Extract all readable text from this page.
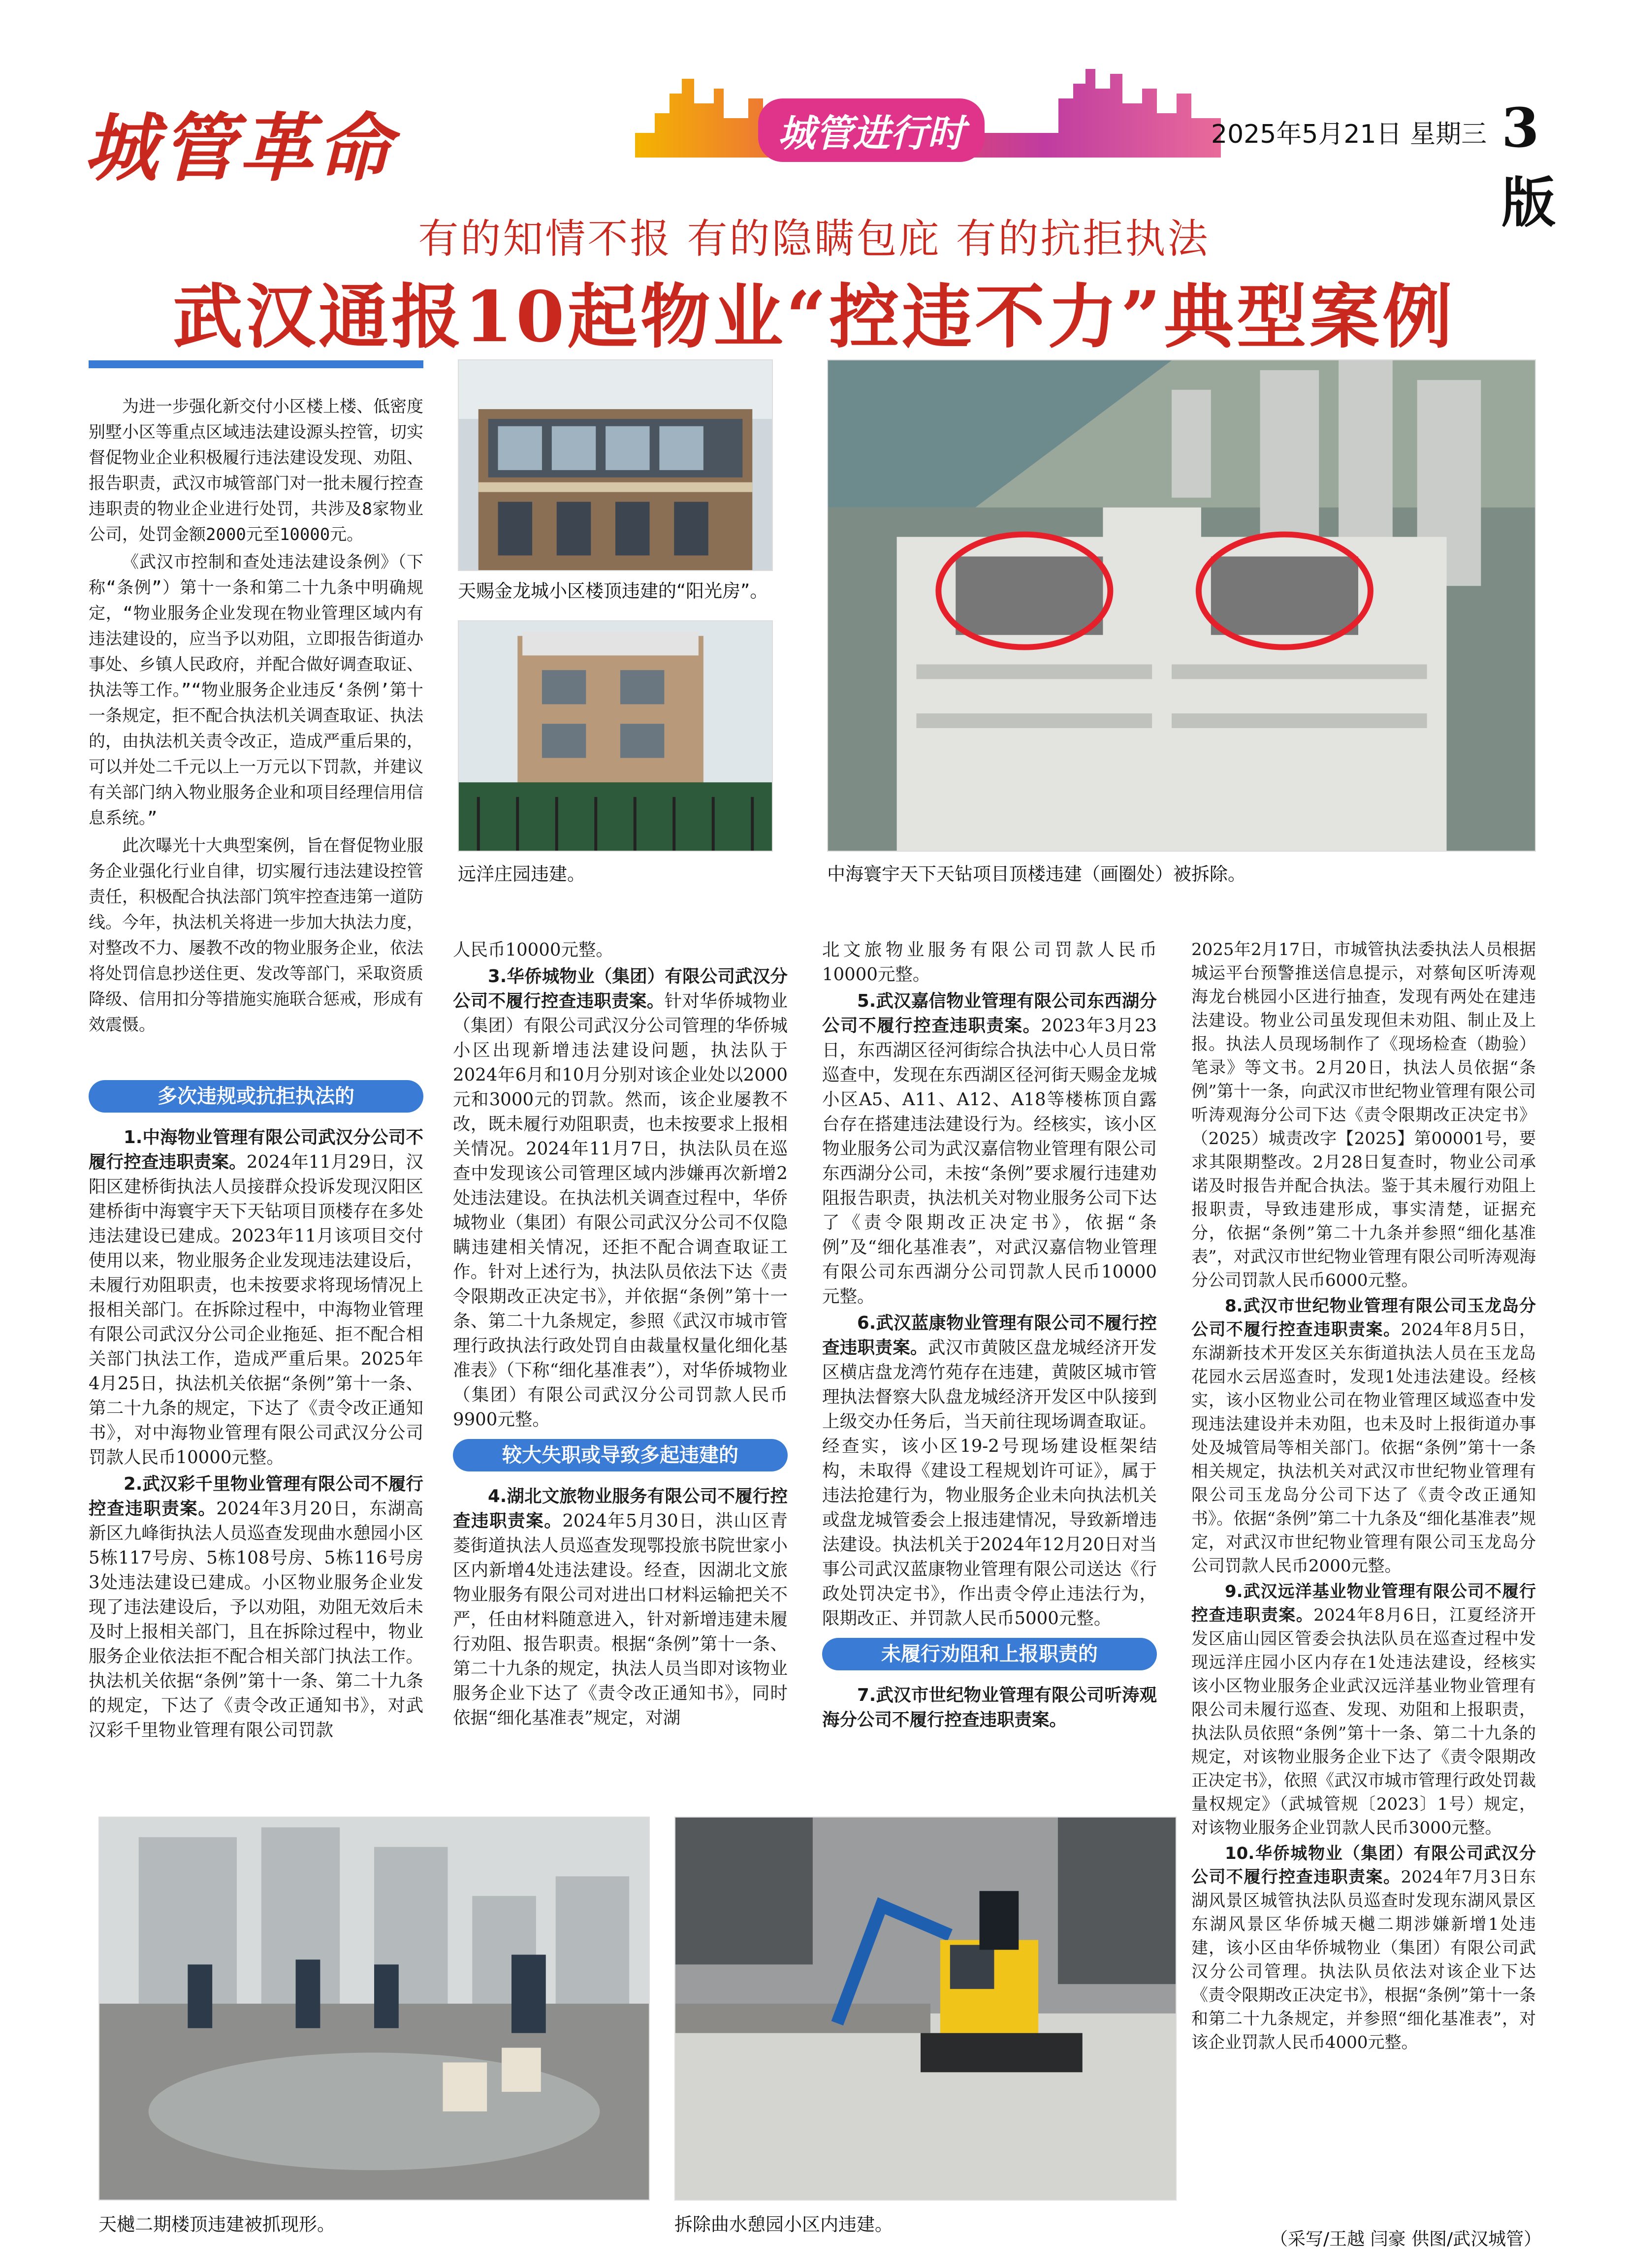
城管革命	城管进行时	2025年5月21日 星期三 3版
有的知情不报 有的隐瞒包庇 有的抗拒执法
武汉通报10起物业“控违不力”典型案例

为进一步强化新交付小区楼上楼、低密度别墅小区等重点区域违法建设源头控管，切实督促物业企业积极履行违法建设发现、劝阻、报告职责，武汉市城管部门对一批未履行控查违职责的物业企业进行处罚，共涉及8家物业公司，处罚金额2000元至10000元。

《武汉市控制和查处违法建设条例》（下称“条例”）第十一条和第二十九条中明确规定，“物业服务企业发现在物业管理区域内有违法建设的，应当予以劝阻，立即报告街道办事处、乡镇人民政府，并配合做好调查取证、执法等工作。”“物业服务企业违反‘条例’第十一条规定，拒不配合执法机关调查取证、执法的，由执法机关责令改正，造成严重后果的，可以并处二千元以上一万元以下罚款，并建议有关部门纳入物业服务企业和项目经理信用信息系统。”

此次曝光十大典型案例，旨在督促物业服务企业强化行业自律，切实履行违法建设控管责任，积极配合执法部门筑牢控查违第一道防线。今年，执法机关将进一步加大执法力度，对整改不力、屡教不改的物业服务企业，依法将处罚信息抄送住更、发改等部门，采取资质降级、信用扣分等措施实施联合惩戒，形成有效震慑。

多次违规或抗拒执法的

1.中海物业管理有限公司武汉分公司不履行控查违职责案。2024年11月29日，汉阳区建桥街执法人员接群众投诉发现汉阳区建桥街中海寰宇天下天钻项目顶楼存在多处违法建设已建成。2023年11月该项目交付使用以来，物业服务企业发现违法建设后，未履行劝阻职责，也未按要求将现场情况上报相关部门。在拆除过程中，中海物业管理有限公司武汉分公司企业拖延、拒不配合相关部门执法工作，造成严重后果。2025年4月25日，执法机关依据“条例”第十一条、第二十九条的规定，下达了《责令改正通知书》，对中海物业管理有限公司武汉分公司罚款人民币10000元整。

2.武汉彩千里物业管理有限公司不履行控查违职责案。2024年3月20日，东湖高新区九峰街执法人员巡查发现曲水憩园小区5栋117号房、5栋108号房、5栋116号房3处违法建设已建成。小区物业服务企业发现了违法建设后，予以劝阻，劝阻无效后未及时上报相关部门，且在拆除过程中，物业服务企业依法拒不配合相关部门执法工作。执法机关依据“条例”第十一条、第二十九条的规定，下达了《责令改正通知书》，对武汉彩千里物业管理有限公司罚款

人民币10000元整。

3.华侨城物业（集团）有限公司武汉分公司不履行控查违职责案。针对华侨城物业（集团）有限公司武汉分公司管理的华侨城小区出现新增违法建设问题，执法队于2024年6月和10月分别对该企业处以2000元和3000元的罚款。然而，该企业屡教不改，既未履行劝阻职责，也未按要求上报相关情况。2024年11月7日，执法队员在巡查中发现该公司管理区域内涉嫌再次新增2处违法建设。在执法机关调查过程中，华侨城物业（集团）有限公司武汉分公司不仅隐瞒违建相关情况，还拒不配合调查取证工作。针对上述行为，执法队员依法下达《责令限期改正决定书》，并依据“条例”第十一条、第二十九条规定，参照《武汉市城市管理行政执法行政处罚自由裁量权量化细化基准表》（下称“细化基准表”），对华侨城物业（集团）有限公司武汉分公司罚款人民币9900元整。

较大失职或导致多起违建的

4.湖北文旅物业服务有限公司不履行控查违职责案。2024年5月30日，洪山区青菱街道执法人员巡查发现鄂投旅书院世家小区内新增4处违法建设。经查，因湖北文旅物业服务有限公司对进出口材料运输把关不严，任由材料随意进入，针对新增违建未履行劝阻、报告职责。根据“条例”第十一条、第二十九条的规定，执法人员当即对该物业服务企业下达了《责令改正通知书》，同时依据“细化基准表”规定，对湖

北文旅物业服务有限公司罚款人民币10000元整。

5.武汉嘉信物业管理有限公司东西湖分公司不履行控查违职责案。2023年3月23日，东西湖区径河街综合执法中心人员日常巡查中，发现在东西湖区径河街天赐金龙城小区A5、A11、A12、A18等楼栋顶自露台存在搭建违法建设行为。经核实，该小区物业服务公司为武汉嘉信物业管理有限公司东西湖分公司，未按“条例”要求履行违建劝阻报告职责，执法机关对物业服务公司下达了《责令限期改正决定书》，依据“条例”及“细化基准表”，对武汉嘉信物业管理有限公司东西湖分公司罚款人民币10000元整。

6.武汉蓝康物业管理有限公司不履行控查违职责案。武汉市黄陂区盘龙城经济开发区横店盘龙湾竹苑存在违建，黄陂区城市管理执法督察大队盘龙城经济开发区中队接到上级交办任务后，当天前往现场调查取证。经查实，该小区19-2号现场建设框架结构，未取得《建设工程规划许可证》，属于违法抢建行为，物业服务企业未向执法机关或盘龙城管委会上报违建情况，导致新增违法建设。执法机关于2024年12月20日对当事公司武汉蓝康物业管理有限公司送达《行政处罚决定书》，作出责令停止违法行为，限期改正、并罚款人民币5000元整。

未履行劝阻和上报职责的

7.武汉市世纪物业管理有限公司听涛观海分公司不履行控查违职责案。

2025年2月17日，市城管执法委执法人员根据城运平台预警推送信息提示，对蔡甸区听涛观海龙台桃园小区进行抽查，发现有两处在建违法建设。物业公司虽发现但未劝阻、制止及上报。执法人员现场制作了《现场检查（勘验）笔录》等文书。2月20日，执法人员依据“条例”第十一条，向武汉市世纪物业管理有限公司听涛观海分公司下达《责令限期改正决定书》（2025）城责改字【2025】第00001号，要求其限期整改。2月28日复查时，物业公司承诺及时报告并配合执法。鉴于其未履行劝阻上报职责，导致违建形成，事实清楚，证据充分，依据“条例”第二十九条并参照“细化基准表”，对武汉市世纪物业管理有限公司听涛观海分公司罚款人民币6000元整。

8.武汉市世纪物业管理有限公司玉龙岛分公司不履行控查违职责案。2024年8月5日，东湖新技术开发区关东街道执法人员在玉龙岛花园水云居巡查时，发现1处违法建设。经核实，该小区物业公司在物业管理区域巡查中发现违法建设并未劝阻，也未及时上报街道办事处及城管局等相关部门。依据“条例”第十一条相关规定，执法机关对武汉市世纪物业管理有限公司玉龙岛分公司下达了《责令改正通知书》。依据“条例”第二十九条及“细化基准表”规定，对武汉市世纪物业管理有限公司玉龙岛分公司罚款人民币2000元整。

9.武汉远洋基业物业管理有限公司不履行控查违职责案。2024年8月6日，江夏经济开发区庙山园区管委会执法队员在巡查过程中发现远洋庄园小区内存在1处违法建设，经核实该小区物业服务企业武汉远洋基业物业管理有限公司未履行巡查、发现、劝阻和上报职责，执法队员依照“条例”第十一条、第二十九条的规定，对该物业服务企业下达了《责令限期改正决定书》，依照《武汉市城市管理行政处罚裁量权规定》（武城管规〔2023〕1号）规定，对该物业服务企业罚款人民币3000元整。

10.华侨城物业（集团）有限公司武汉分公司不履行控查违职责案。2024年7月3日东湖风景区城管执法队员巡查时发现东湖风景区东湖风景区华侨城天樾二期涉嫌新增1处违建，该小区由华侨城物业（集团）有限公司武汉分公司管理。执法队员依法对该企业下达《责令限期改正决定书》，根据“条例”第十一条和第二十九条规定，并参照“细化基准表”，对该企业罚款人民币4000元整。

天赐金龙城小区楼顶违建的“阳光房”。
远洋庄园违建。	中海寰宇天下天钻项目顶楼违建（画圈处）被拆除。
天樾二期楼顶违建被抓现形。	拆除曲水憩园小区内违建。
（采写/王越 闫豪 供图/武汉城管）
